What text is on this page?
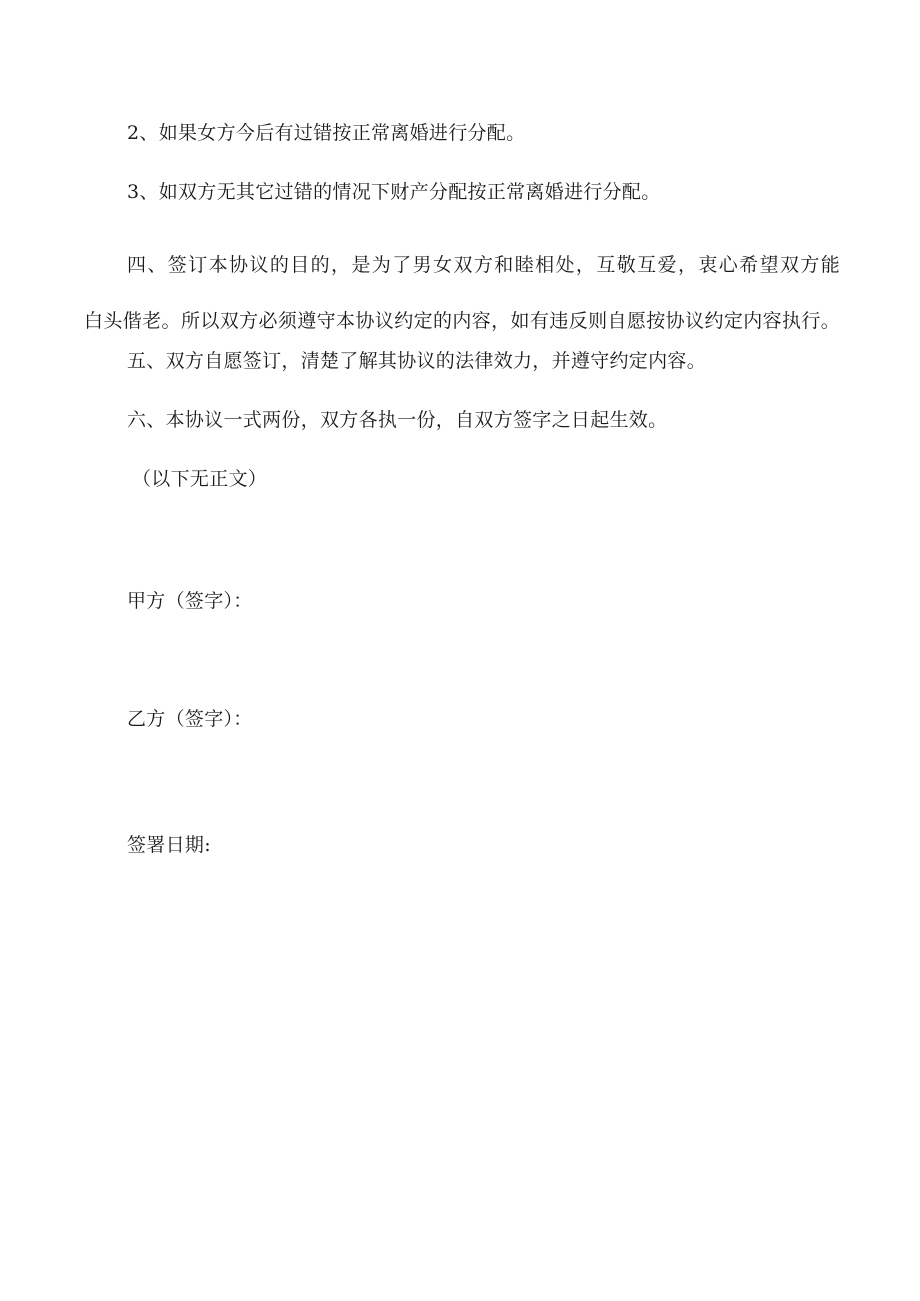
2、如果女方今后有过错按正常离婚进行分配。
3、如双方无其它过错的情况下财产分配按正常离婚进行分配。
四、签订本协议的目的，是为了男女双方和睦相处，互敬互爱，衷心希望双方能
白头偕老。所以双方必须遵守本协议约定的内容，如有违反则自愿按协议约定内容执行。
五、双方自愿签订，清楚了解其协议的法律效力，并遵守约定内容。
六、本协议一式两份，双方各执一份，自双方签字之日起生效。
（以下无正文）
甲方（签字）：
乙方（签字）：
签署日期:
